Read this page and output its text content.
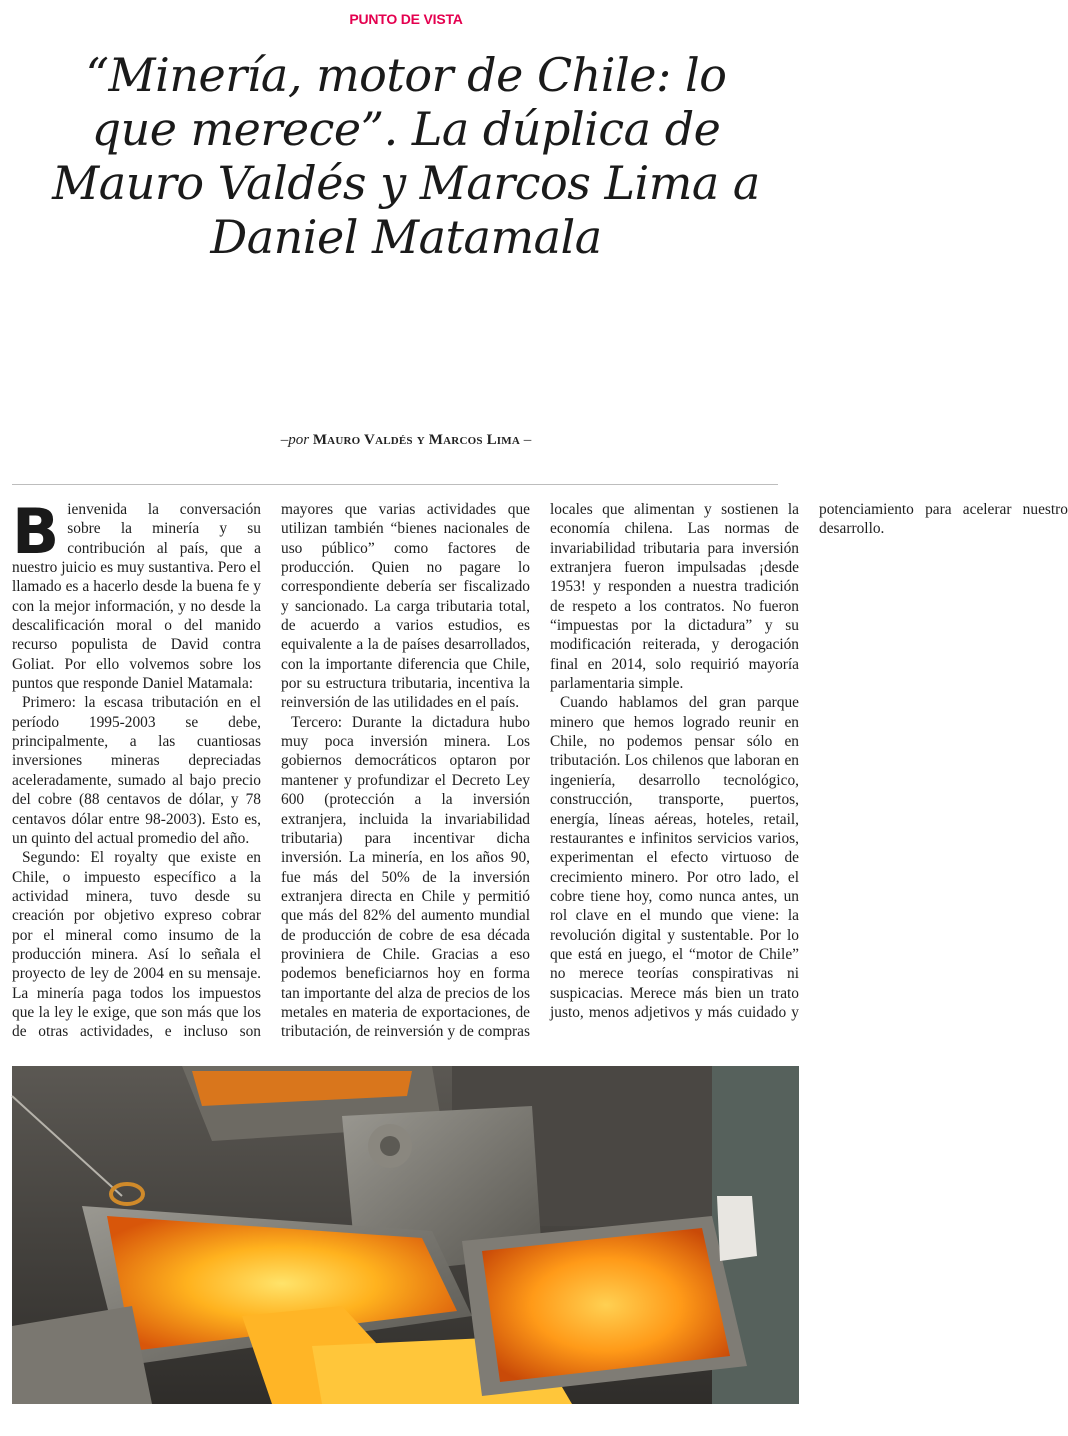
PUNTO DE VISTA
“Minería, motor de Chile: lo que merece”. La dúplica de Mauro Valdés y Marcos Lima a Daniel Matamala
–por Mauro Valdés y Marcos Lima –

Bienvenida la conversación sobre la minería y su contribución al país, que a nuestro juicio es muy sustantiva. Pero el llamado es a hacerlo desde la buena fe y con la mejor información, y no desde la descalificación moral o del manido recurso populista de David contra Goliat. Por ello volvemos sobre los puntos que responde Daniel Matamala:

Primero: la escasa tributación en el período 1995-2003 se debe, principalmente, a las cuantiosas inversiones mineras depreciadas aceleradamente, sumado al bajo precio del cobre (88 centavos de dólar, y 78 centavos dólar entre 98-2003). Esto es, un quinto del actual promedio del año.

Segundo: El royalty que existe en Chile, o impuesto específico a la actividad minera, tuvo desde su creación por objetivo expreso cobrar por el mineral como insumo de la producción minera. Así lo señala el proyecto de ley de 2004 en su mensaje. La minería paga todos los impuestos que la ley le exige, que son más que los de otras actividades, e incluso son mayores que varias actividades que utilizan también “bienes nacionales de uso público” como factores de producción. Quien no pagare lo correspondiente debería ser fiscalizado y sancionado. La carga tributaria total, de acuerdo a varios estudios, es equivalente a la de países desarrollados, con la importante diferencia que Chile, por su estructura tributaria, incentiva la reinversión de las utilidades en el país.

Tercero: Durante la dictadura hubo muy poca inversión minera. Los gobiernos democráticos optaron por mantener y profundizar el Decreto Ley 600 (protección a la inversión extranjera, incluida la invariabilidad tributaria) para incentivar dicha inversión. La minería, en los años 90, fue más del 50% de la inversión extranjera directa en Chile y permitió que más del 82% del aumento mundial de producción de cobre de esa década proviniera de Chile. Gracias a eso podemos beneficiarnos hoy en forma tan importante del alza de precios de los metales en materia de exportaciones, de tributación, de reinversión y de compras locales que alimentan y sostienen la economía chilena. Las normas de invariabilidad tributaria para inversión extranjera fueron impulsadas ¡desde 1953! y responden a nuestra tradición de respeto a los contratos. No fueron “impuestas por la dictadura” y su modificación reiterada, y derogación final en 2014, solo requirió mayoría parlamentaria simple.

Cuando hablamos del gran parque minero que hemos logrado reunir en Chile, no podemos pensar sólo en tributación. Los chilenos que laboran en ingeniería, desarrollo tecnológico, construcción, transporte, puertos, energía, líneas aéreas, hoteles, retail, restaurantes e infinitos servicios varios, experimentan el efecto virtuoso de crecimiento minero. Por otro lado, el cobre tiene hoy, como nunca antes, un rol clave en el mundo que viene: la revolución digital y sustentable. Por lo que está en juego, el “motor de Chile” no merece teorías conspirativas ni suspicacias. Merece más bien un trato justo, menos adjetivos y más cuidado y potenciamiento para acelerar nuestro desarrollo.
